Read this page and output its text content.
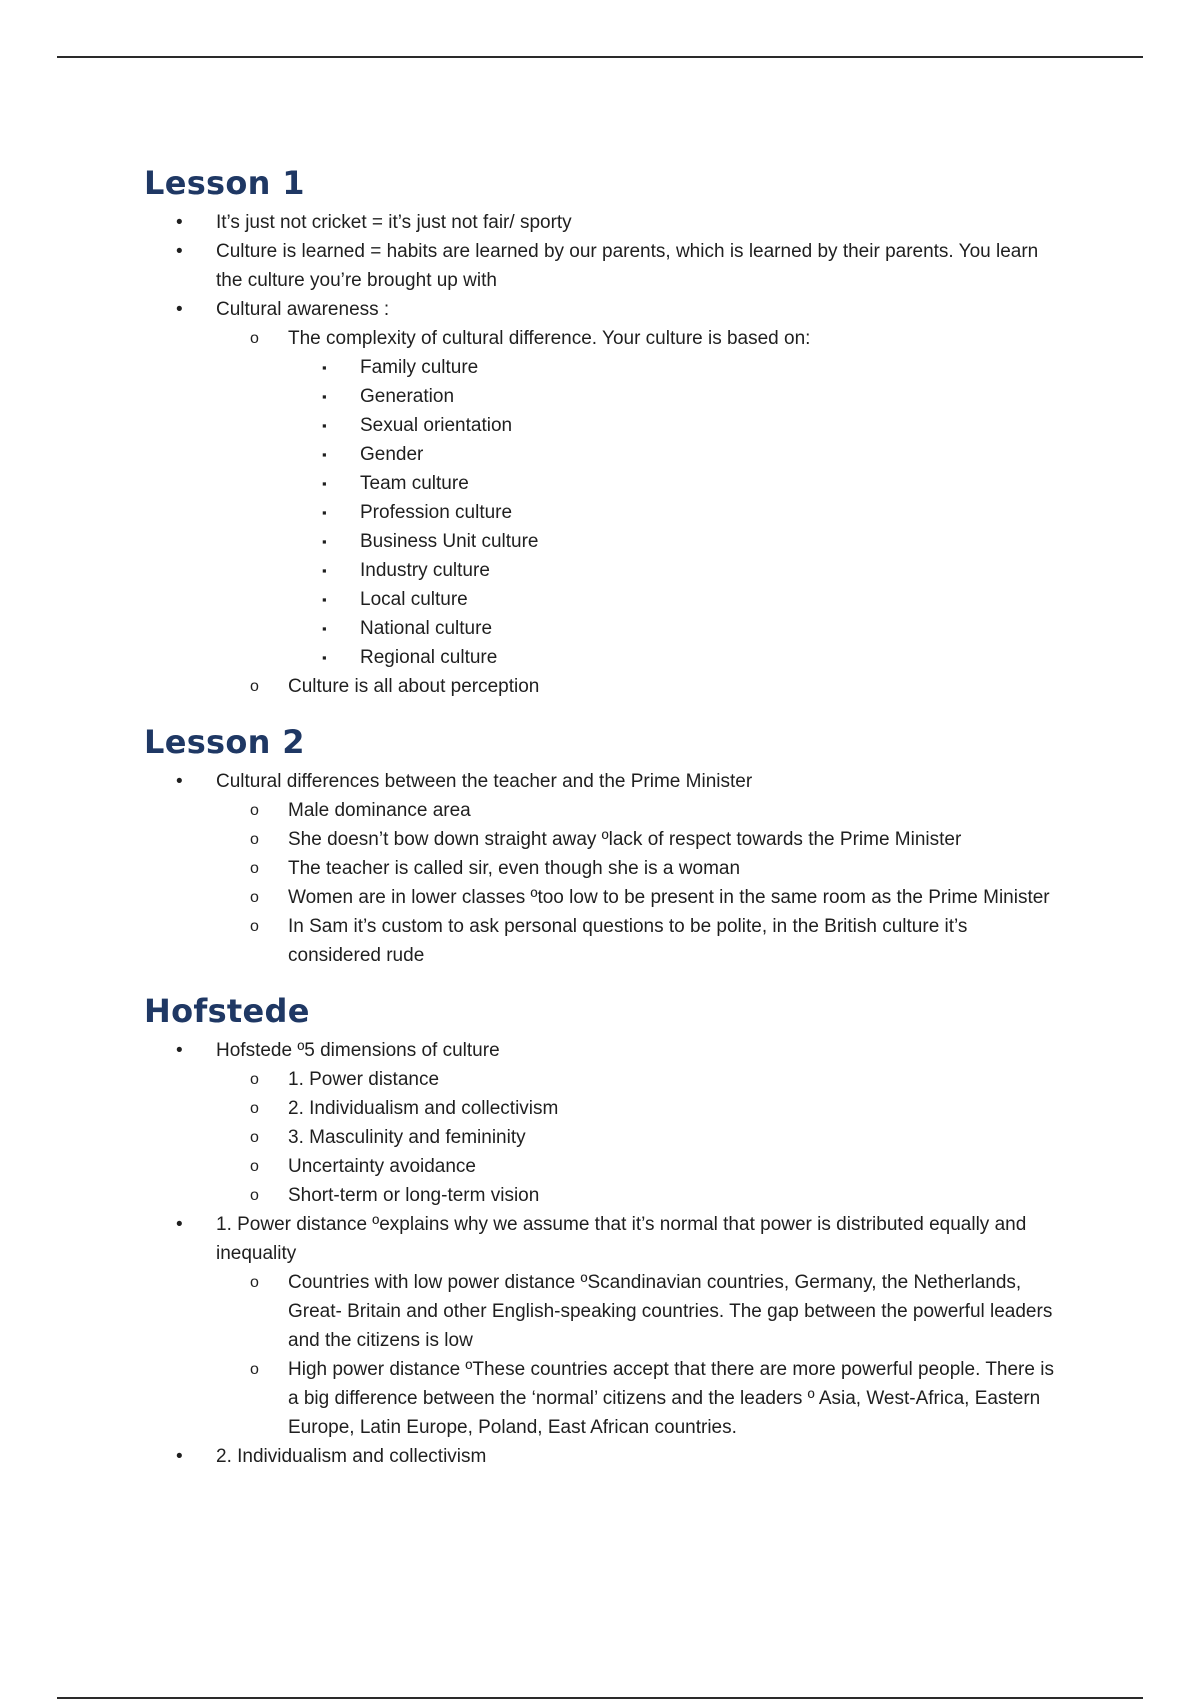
Lesson 1
• It’s just not cricket = it’s just not fair/ sporty
• Culture is learned = habits are learned by our parents, which is learned by their parents. You learn the culture you’re brought up with
• Cultural awareness :
o The complexity of cultural difference. Your culture is based on:
▪ Family culture
▪ Generation
▪ Sexual orientation
▪ Gender
▪ Team culture
▪ Profession culture
▪ Business Unit culture
▪ Industry culture
▪ Local culture
▪ National culture
▪ Regional culture
o Culture is all about perception
Lesson 2
• Cultural differences between the teacher and the Prime Minister
o Male dominance area
o She doesn’t bow down straight away ºlack of respect towards the Prime Minister
o The teacher is called sir, even though she is a woman
o Women are in lower classes ºtoo low to be present in the same room as the Prime Minister
o In Sam it’s custom to ask personal questions to be polite, in the British culture it’s considered rude
Hofstede
• Hofstede º5 dimensions of culture
o 1. Power distance
o 2. Individualism and collectivism
o 3. Masculinity and femininity
o Uncertainty avoidance
o Short-term or long-term vision
• 1. Power distance ºexplains why we assume that it’s normal that power is distributed equally and inequality
o Countries with low power distance ºScandinavian countries, Germany, the Netherlands, Great- Britain and other English-speaking countries. The gap between the powerful leaders and the citizens is low
o High power distance ºThese countries accept that there are more powerful people. There is a big difference between the ‘normal’ citizens and the leaders º Asia, West-Africa, Eastern Europe, Latin Europe, Poland, East African countries.
• 2. Individualism and collectivism
